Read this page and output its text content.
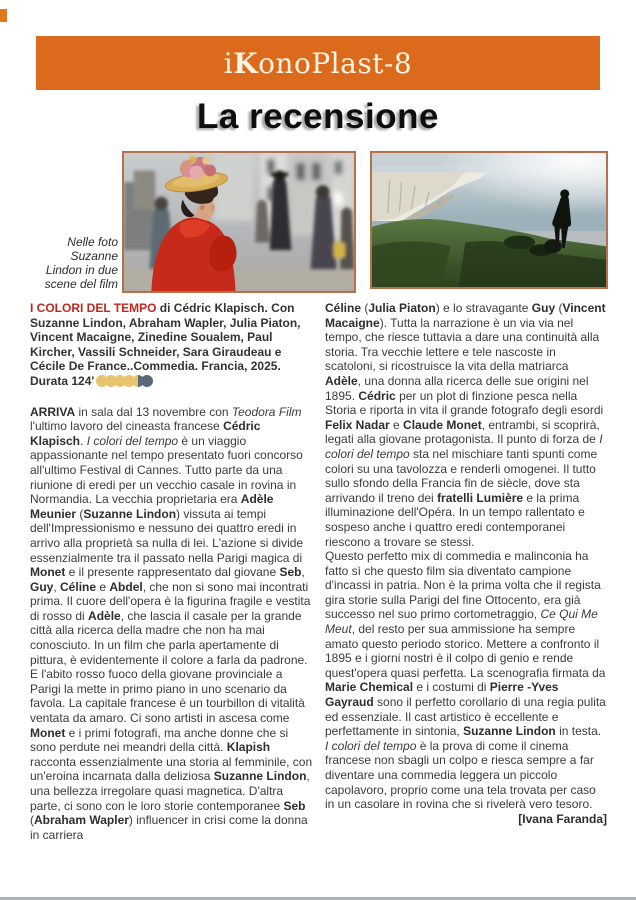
iKonoPlast-8
La recensione
Nelle foto
Suzanne
Lindon in due
scene del film
I COLORI DEL TEMPO di Cédric Klapisch. Con Suzanne Lindon, Abraham Wapler, Julia Piaton, Vincent Macaigne, Zinedine Soualem, Paul Kircher, Vassili Schneider, Sara Giraudeau e Cécile De France..Commedia. Francia, 2025. Durata 124'

ARRIVA in sala dal 13 novembre con Teodora Film l'ultimo lavoro del cineasta francese Cédric Klapisch. I colori del tempo è un viaggio appassionante nel tempo presentato fuori concorso all'ultimo Festival di Cannes. Tutto parte da una riunione di eredi per un vecchio casale in rovina in Normandia. La vecchia proprietaria era Adèle Meunier (Suzanne Lindon) vissuta ai tempi dell'Impressionismo e nessuno dei quattro eredi in arrivo alla proprietà sa nulla di lei. L'azione si divide essenzialmente tra il passato nella Parigi magica di Monet e il presente rappresentato dal giovane Seb, Guy, Céline e Abdel, che non si sono mai incontrati prima. Il cuore dell'opera è la figurina fragile e vestita di rosso di Adèle, che lascia il casale per la grande città alla ricerca della madre che non ha mai conosciuto. In un film che parla apertamente di pittura, è evidentemente il colore a farla da padrone. E l'abito rosso fuoco della giovane provinciale a Parigi la mette in primo piano in uno scenario da favola. La capitale francese è un tourbillon di vitalità ventata da amaro. Ci sono artisti in ascesa come Monet e i primi fotografi, ma anche donne che si sono perdute nei meandri della città. Klapish racconta essenzialmente una storia al femminile, con un'eroina incarnata dalla deliziosa Suzanne Lindon, una bellezza irregolare quasi magnetica. D'altra parte, ci sono con le loro storie contemporanee Seb (Abraham Wapler) influencer in crisi come la donna in carriera

Céline (Julia Piaton) e lo stravagante Guy (Vincent Macaigne). Tutta la narrazione è un via via nel tempo, che riesce tuttavia a dare una continuità alla storia. Tra vecchie lettere e tele nascoste in scatoloni, si ricostruisce la vita della matriarca Adèle, una donna alla ricerca delle sue origini nel 1895. Cédric per un plot di finzione pesca nella Storia e riporta in vita il grande fotografo degli esordi Felix Nadar e Claude Monet, entrambi, si scoprirà, legati alla giovane protagonista. Il punto di forza de I colori del tempo sta nel mischiare tanti spunti come colori su una tavolozza e renderli omogenei. Il tutto sullo sfondo della Francia fin de siècle, dove sta arrivando il treno dei fratelli Lumière e la prima illuminazione dell'Opéra. In un tempo rallentato e sospeso anche i quattro eredi contemporanei riescono a trovare se stessi.

Questo perfetto mix di commedia e malinconia ha fatto sì che questo film sia diventato campione d'incassi in patria. Non è la prima volta che il regista gira storie sulla Parigi del fine Ottocento, era già successo nel suo primo cortometraggio, Ce Qui Me Meut, del resto per sua ammissione ha sempre amato questo periodo storico. Mettere a confronto il 1895 e i giorni nostri è il colpo di genio e rende quest'opera quasi perfetta. La scenografia firmata da Marie Chemical e i costumi di Pierre -Yves Gayraud sono il perfetto corollario di una regia pulita ed essenziale. Il cast artistico è eccellente e perfettamente in sintonia, Suzanne Lindon in testa. I colori del tempo è la prova di come il cinema francese non sbagli un colpo e riesca sempre a far diventare una commedia leggera un piccolo capolavoro, proprio come una tela trovata per caso in un casolare in rovina che si rivelerà vero tesoro.

[Ivana Faranda]
